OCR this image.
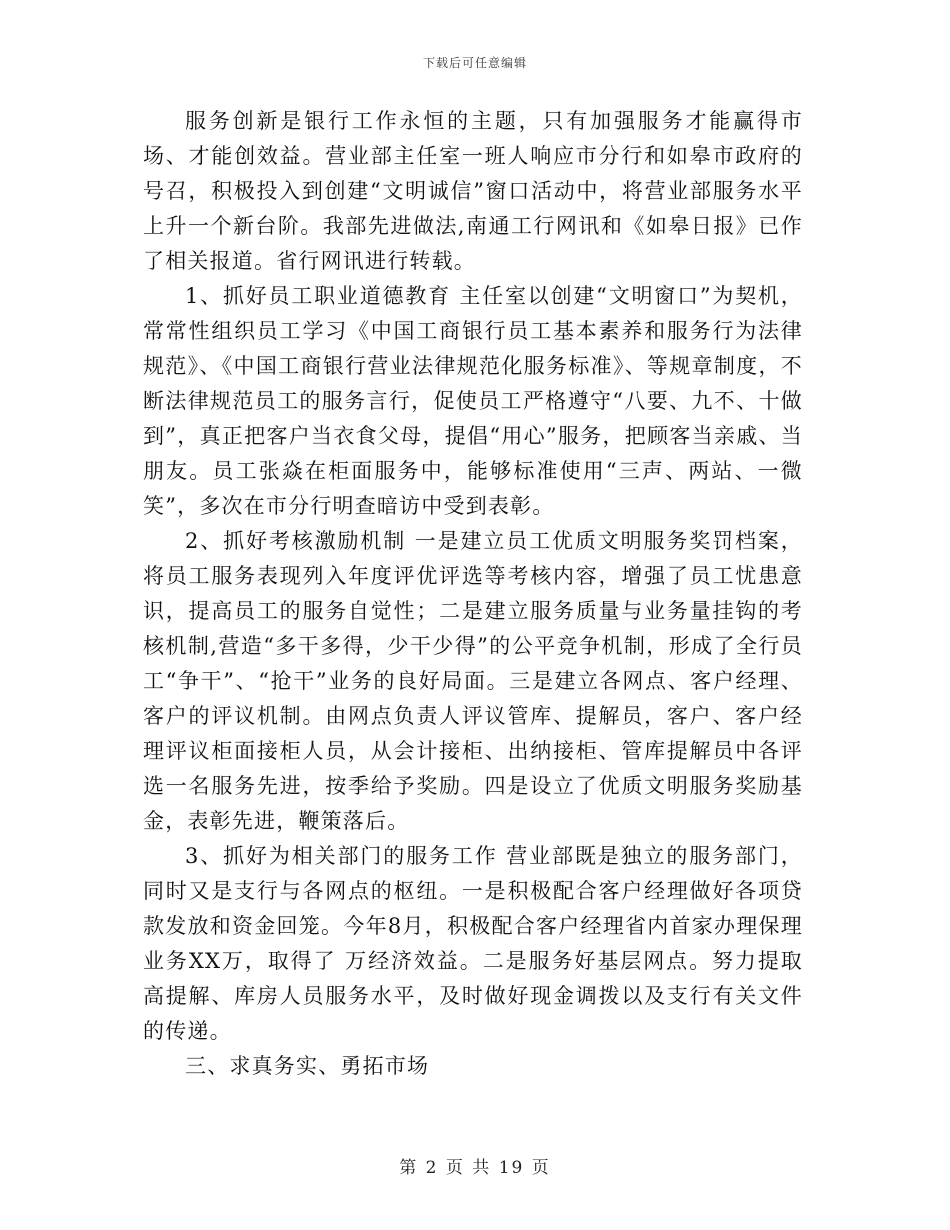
下载后可任意编辑

服务创新是银行工作永恒的主题，只有加强服务才能赢得市场、才能创效益。营业部主任室一班人响应市分行和如皋市政府的号召，积极投入到创建“文明诚信”窗口活动中，将营业部服务水平上升一个新台阶。我部先进做法,南通工行网讯和《如皋日报》已作了相关报道。省行网讯进行转载。

1、抓好员工职业道德教育 主任室以创建“文明窗口”为契机，常常性组织员工学习《中国工商银行员工基本素养和服务行为法律规范》、《中国工商银行营业法律规范化服务标准》、等规章制度，不断法律规范员工的服务言行，促使员工严格遵守“八要、九不、十做到”，真正把客户当衣食父母，提倡“用心”服务，把顾客当亲戚、当朋友。员工张焱在柜面服务中，能够标准使用“三声、两站、一微笑”，多次在市分行明查暗访中受到表彰。

2、抓好考核激励机制 一是建立员工优质文明服务奖罚档案，将员工服务表现列入年度评优评选等考核内容，增强了员工忧患意识，提高员工的服务自觉性；二是建立服务质量与业务量挂钩的考核机制,营造“多干多得，少干少得”的公平竞争机制，形成了全行员工“争干”、“抢干”业务的良好局面。三是建立各网点、客户经理、客户的评议机制。由网点负责人评议管库、提解员，客户、客户经理评议柜面接柜人员，从会计接柜、出纳接柜、管库提解员中各评选一名服务先进，按季给予奖励。四是设立了优质文明服务奖励基金，表彰先进，鞭策落后。

3、抓好为相关部门的服务工作 营业部既是独立的服务部门，同时又是支行与各网点的枢纽。一是积极配合客户经理做好各项贷款发放和资金回笼。今年8月，积极配合客户经理省内首家办理保理业务XX万，取得了 万经济效益。二是服务好基层网点。努力提取高提解、库房人员服务水平，及时做好现金调拨以及支行有关文件的传递。

三、求真务实、勇拓市场

第 2 页 共 19 页
